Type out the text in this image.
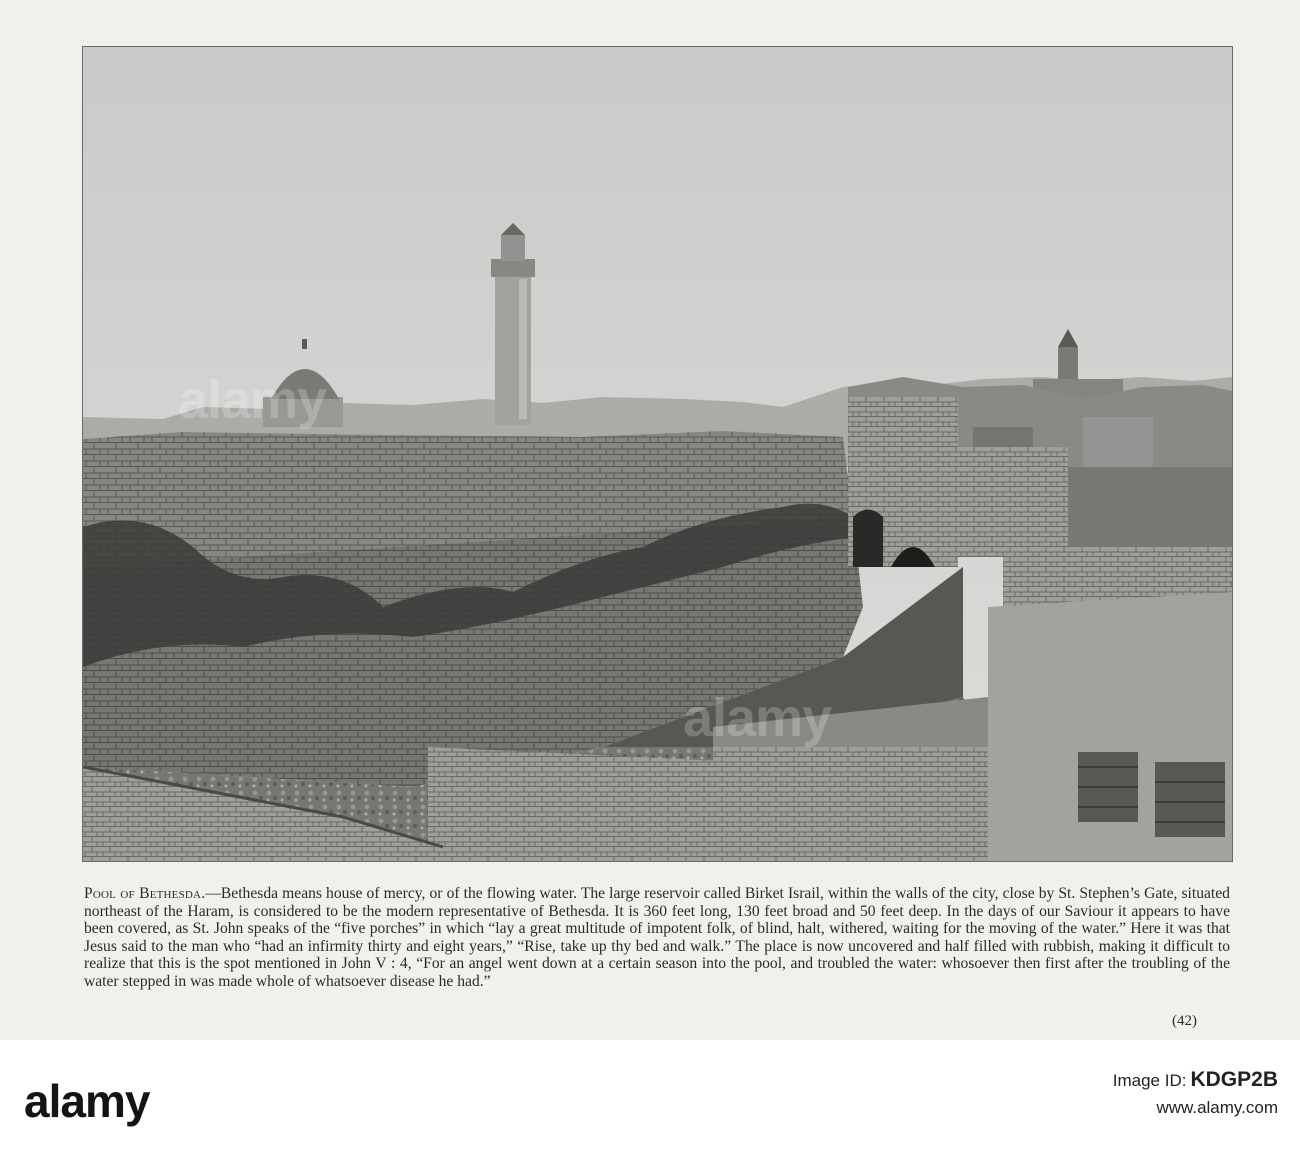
alamy
alamy
Pool of Bethesda.—Bethesda means house of mercy, or of the flowing water. The large reservoir called Birket Israil, within the walls of the city, close by St. Stephen’s Gate, situated northeast of the Haram, is considered to be the modern representative of Bethesda. It is 360 feet long, 130 feet broad and 50 feet deep. In the days of our Saviour it appears to have been covered, as St. John speaks of the “five porches” in which “lay a great multitude of impotent folk, of blind, halt, withered, waiting for the moving of the water.” Here it was that Jesus said to the man who “had an infirmity thirty and eight years,” “Rise, take up thy bed and walk.” The place is now uncovered and half filled with rubbish, making it difficult to realize that this is the spot mentioned in John V : 4, “For an angel went down at a certain season into the pool, and troubled the water: whosoever then first after the troubling of the water stepped in was made whole of whatsoever disease he had.”
(42)
alamy	Image ID: KDGP2B
www.alamy.com
